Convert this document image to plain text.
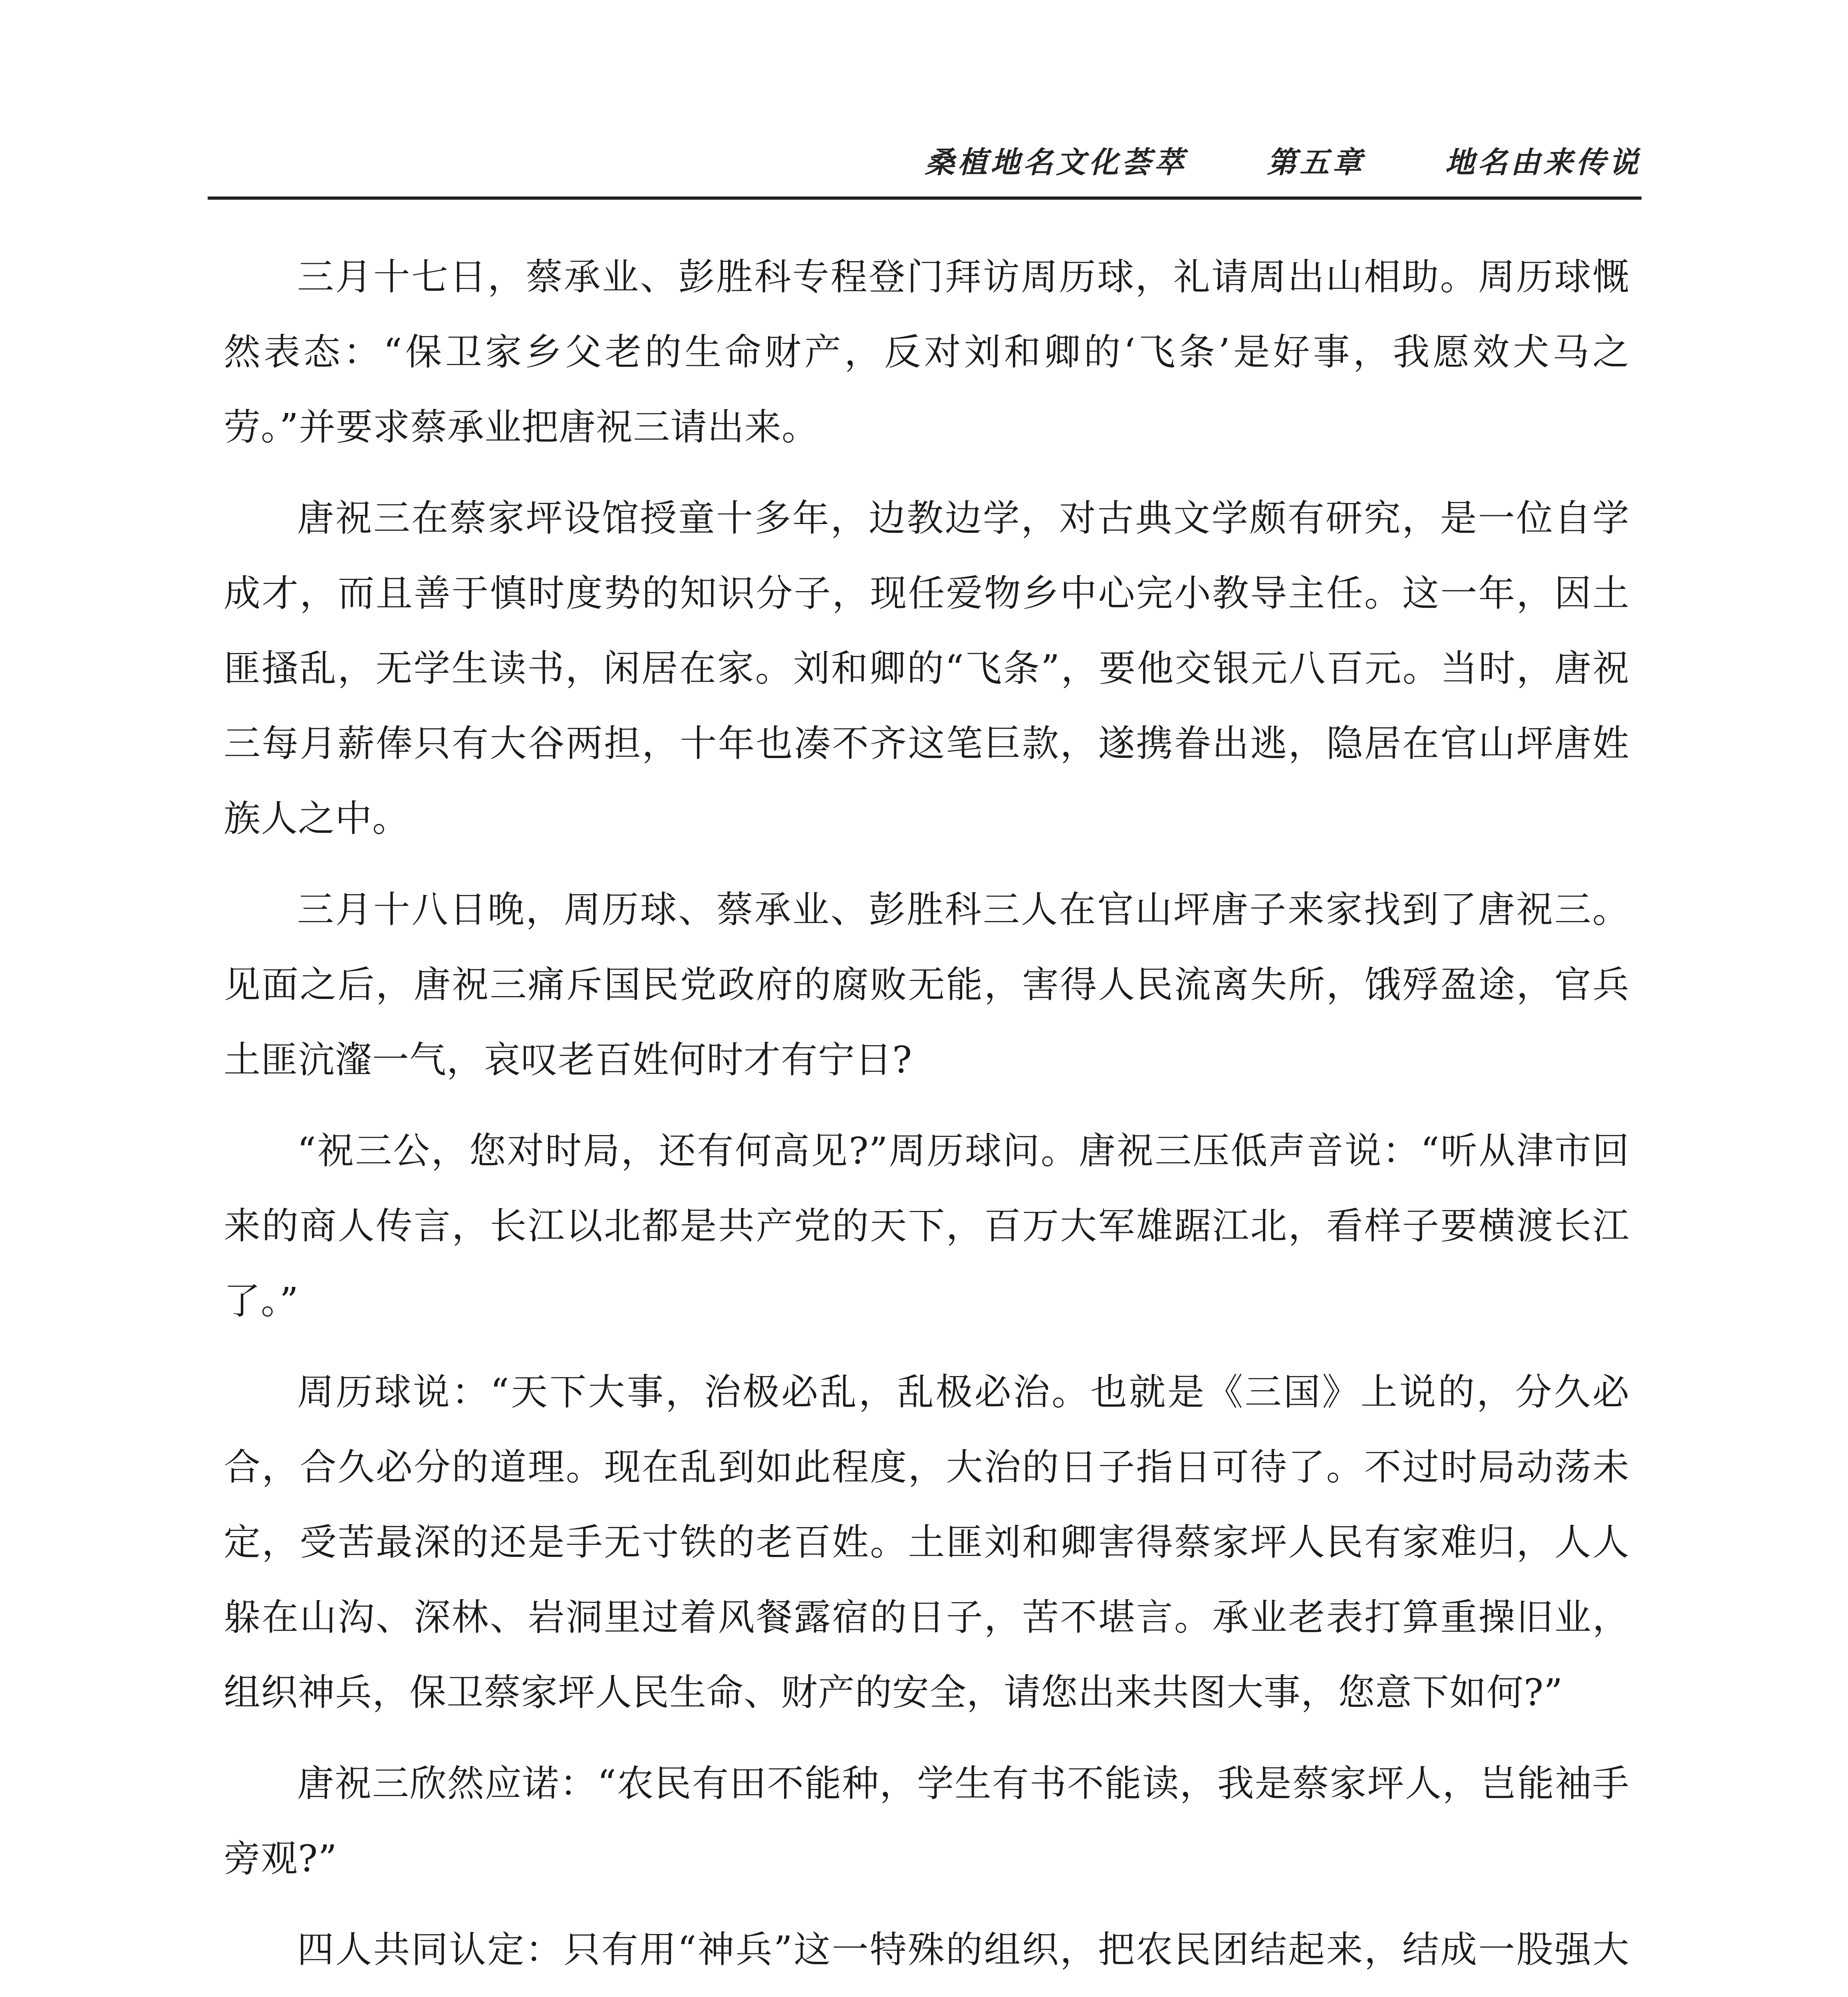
桑植地名文化荟萃	第五章	地名由来传说

三月十七日，蔡承业、彭胜科专程登门拜访周历球，礼请周出山相助。周历球慨然表态：“保卫家乡父老的生命财产，反对刘和卿的‘飞条’是好事，我愿效犬马之劳。”并要求蔡承业把唐祝三请出来。

唐祝三在蔡家坪设馆授童十多年，边教边学，对古典文学颇有研究，是一位自学成才，而且善于慎时度势的知识分子，现任爱物乡中心完小教导主任。这一年，因土匪搔乱，无学生读书，闲居在家。刘和卿的“飞条”，要他交银元八百元。当时，唐祝三每月薪俸只有大谷两担，十年也凑不齐这笔巨款，遂携眷出逃，隐居在官山坪唐姓族人之中。

三月十八日晚，周历球、蔡承业、彭胜科三人在官山坪唐子来家找到了唐祝三。见面之后，唐祝三痛斥国民党政府的腐败无能，害得人民流离失所，饿殍盈途，官兵土匪沆瀣一气，哀叹老百姓何时才有宁日?

“祝三公，您对时局，还有何高见?”周历球问。唐祝三压低声音说：“听从津市回来的商人传言，长江以北都是共产党的天下，百万大军雄踞江北，看样子要横渡长江了。”

周历球说：“天下大事，治极必乱，乱极必治。也就是《三国》上说的，分久必合，合久必分的道理。现在乱到如此程度，大治的日子指日可待了。不过时局动荡未定，受苦最深的还是手无寸铁的老百姓。土匪刘和卿害得蔡家坪人民有家难归，人人躲在山沟、深林、岩洞里过着风餐露宿的日子，苦不堪言。承业老表打算重操旧业，组织神兵，保卫蔡家坪人民生命、财产的安全，请您出来共图大事，您意下如何?”

唐祝三欣然应诺：“农民有田不能种，学生有书不能读，我是蔡家坪人，岂能袖手旁观?”

四人共同认定：只有用“神兵”这一特殊的组织，把农民团结起来，结成一股强大
